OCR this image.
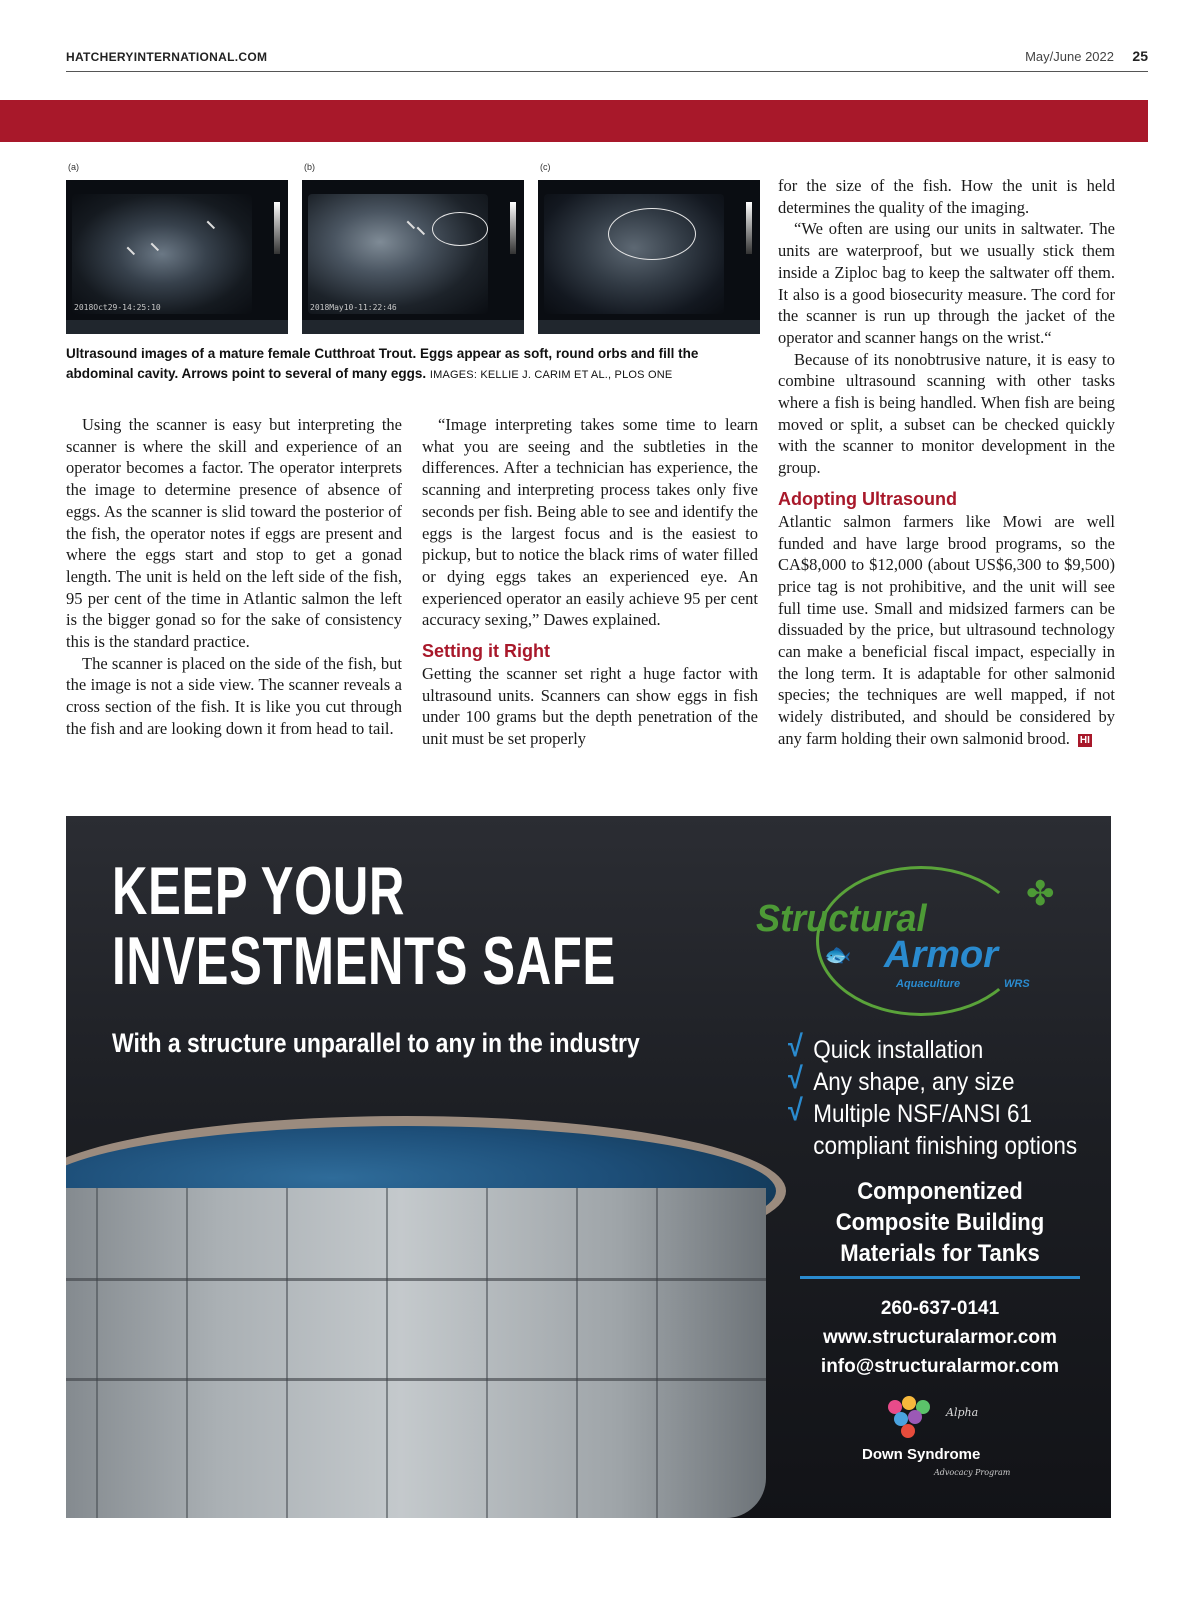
HATCHERYINTERNATIONAL.COM	May/June 2022 25
(a)
2018Oct29-14:25:10
(b)
2018May10-11:22:46
(c)
Ultrasound images of a mature female Cutthroat Trout. Eggs appear as soft, round orbs and fill the abdominal cavity. Arrows point to several of many eggs. IMAGES: KELLIE J. CARIM ET AL., PLOS ONE

Using the scanner is easy but interpreting the scanner is where the skill and experience of an operator becomes a factor. The operator interprets the image to determine presence of absence of eggs. As the scanner is slid toward the posterior of the fish, the operator notes if eggs are present and where the eggs start and stop to get a gonad length. The unit is held on the left side of the fish, 95 per cent of the time in Atlantic salmon the left is the bigger gonad so for the sake of consistency this is the standard practice.

The scanner is placed on the side of the fish, but the image is not a side view. The scanner reveals a cross section of the fish. It is like you cut through the fish and are looking down it from head to tail.

“Image interpreting takes some time to learn what you are seeing and the subtleties in the differences. After a technician has experience, the scanning and interpreting process takes only five seconds per fish. Being able to see and identify the eggs is the largest focus and is the easiest to pickup, but to notice the black rims of water filled or dying eggs takes an experienced eye. An experienced operator an easily achieve 95 per cent accuracy sexing,” Dawes explained.

Setting it Right

Getting the scanner set right a huge factor with ultrasound units. Scanners can show eggs in fish under 100 grams but the depth penetration of the unit must be set properly

for the size of the fish. How the unit is held determines the quality of the imaging.

“We often are using our units in saltwater. The units are waterproof, but we usually stick them inside a Ziploc bag to keep the saltwater off them. It also is a good biosecurity measure. The cord for the scanner is run up through the jacket of the operator and scanner hangs on the wrist.“

Because of its nonobtrusive nature, it is easy to combine ultrasound scanning with other tasks where a fish is being handled. When fish are being moved or split, a subset can be checked quickly with the scanner to monitor development in the group.

Adopting Ultrasound

Atlantic salmon farmers like Mowi are well funded and have large brood programs, so the CA$8,000 to $12,000 (about US$6,300 to $9,500) price tag is not prohibitive, and the unit will see full time use. Small and midsized farmers can be dissuaded by the price, but ultrasound technology can make a beneficial fiscal impact, especially in the long term. It is adaptable for other salmonid species; the techniques are well mapped, if not widely distributed, and should be considered by any farm holding their own salmonid brood. HI

KEEP YOUR
INVESTMENTS SAFE
With a structure unparallel to any in the industry
✤
Structural
🐟 Armor
Aquaculture	WRS
√ Quick installation
√ Any shape, any size
√ Multiple NSF/ANSI 61
compliant finishing options
Componentized
Composite Building
Materials for Tanks
260-637-0141
www.structuralarmor.com
info@structuralarmor.com
Alpha
Down Syndrome
Advocacy Program
